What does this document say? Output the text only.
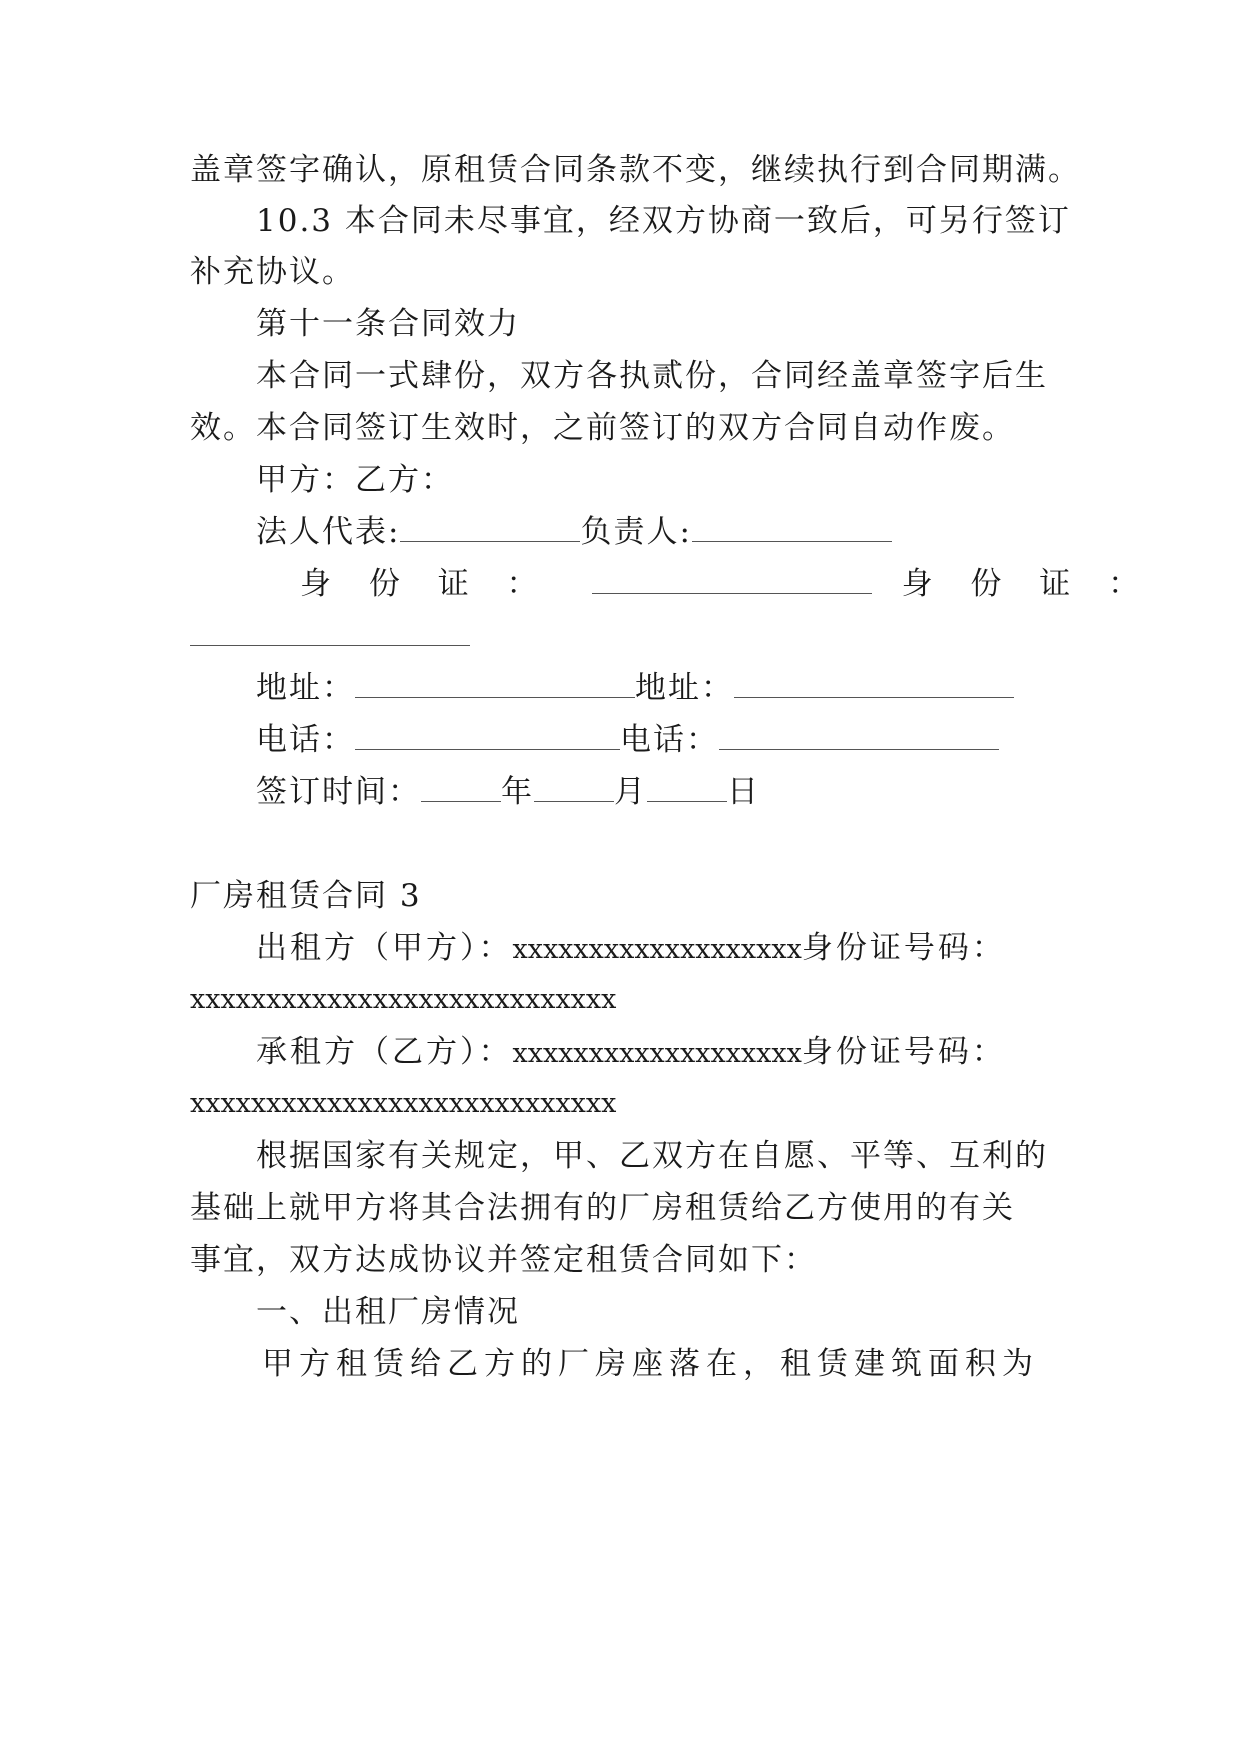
盖章签字确认，原租赁合同条款不变，继续执行到合同期满。
10.3 本合同未尽事宜，经双方协商一致后，可另行签订
补充协议。
第十一条合同效力
本合同一式肆份，双方各执贰份，合同经盖章签字后生
效。本合同签订生效时，之前签订的双方合同自动作废。
甲方：乙方：
法人代表:	负责人:
身 份 证 ：	身 份 证 ：
地址：	地址：
电话：	电话：
签订时间：	年	月	日
厂房租赁合同 3
出租方（甲方）：xxxxxxxxxxxxxxxxxxx身份证号码：
xxxxxxxxxxxxxxxxxxxxxxxxxxxx
承租方（乙方）：xxxxxxxxxxxxxxxxxxx身份证号码：
xxxxxxxxxxxxxxxxxxxxxxxxxxxx
根据国家有关规定，甲、乙双方在自愿、平等、互利的
基础上就甲方将其合法拥有的厂房租赁给乙方使用的有关
事宜，双方达成协议并签定租赁合同如下：
一、出租厂房情况
甲方租赁给乙方的厂房座落在，租赁建筑面积为
